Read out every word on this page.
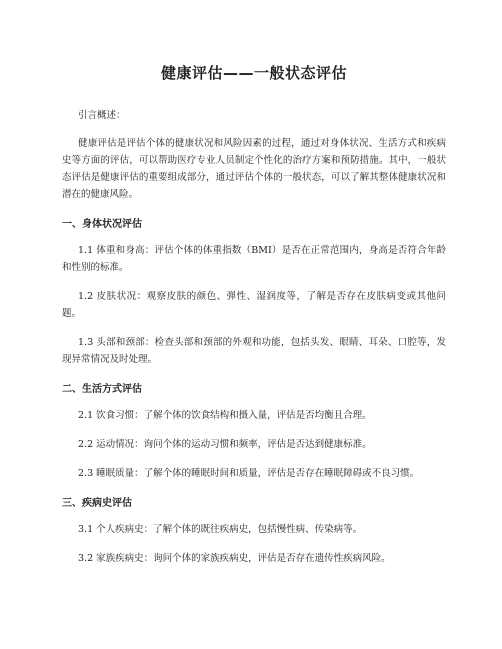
健康评估——一般状态评估
引言概述：

健康评估是评估个体的健康状况和风险因素的过程，通过对身体状况、生活方式和疾病史等方面的评估，可以帮助医疗专业人员制定个性化的治疗方案和预防措施。其中，一般状态评估是健康评估的重要组成部分，通过评估个体的一般状态，可以了解其整体健康状况和潜在的健康风险。

一、身体状况评估

1.1 体重和身高：评估个体的体重指数（BMI）是否在正常范围内，身高是否符合年龄和性别的标准。

1.2 皮肤状况：观察皮肤的颜色、弹性、湿润度等，了解是否存在皮肤病变或其他问题。

1.3 头部和颈部：检查头部和颈部的外观和功能，包括头发、眼睛、耳朵、口腔等，发现异常情况及时处理。

二、生活方式评估

2.1 饮食习惯：了解个体的饮食结构和摄入量，评估是否均衡且合理。

2.2 运动情况：询问个体的运动习惯和频率，评估是否达到健康标准。

2.3 睡眠质量：了解个体的睡眠时间和质量，评估是否存在睡眠障碍或不良习惯。

三、疾病史评估

3.1 个人疾病史：了解个体的既往疾病史，包括慢性病、传染病等。

3.2 家族疾病史：询问个体的家族疾病史，评估是否存在遗传性疾病风险。
